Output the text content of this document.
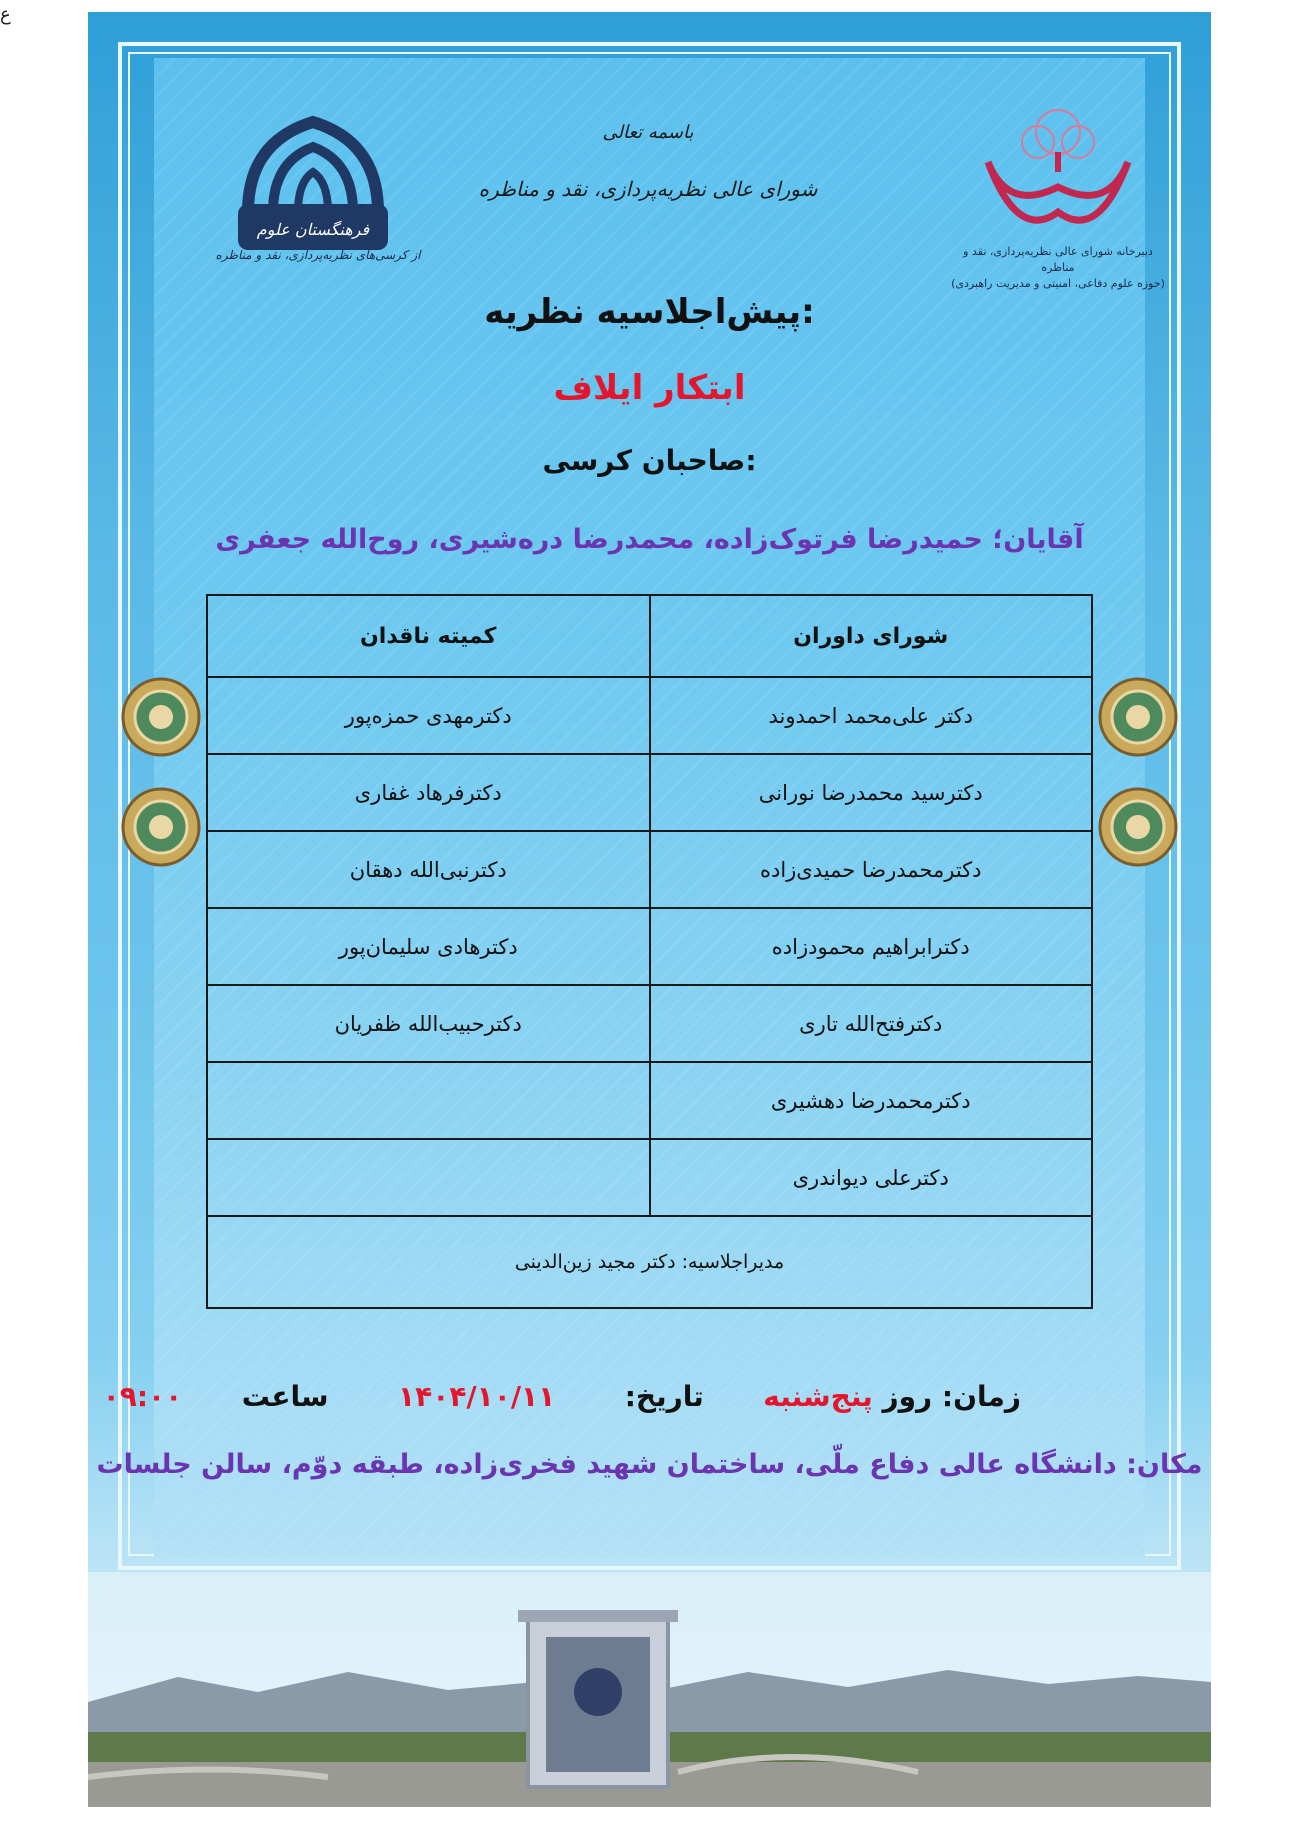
ع
فرهنگستان علوم
از کرسی‌های نظریه‌پردازی، نقد و مناظره	دبیرخانه شورای عالی نظریه‌پردازی، نقد و مناظره
(حوزه علوم دفاعی، امنیتی و مدیریت راهبردی)
باسمه تعالی
شورای عالی نظریه‌پردازی، نقد و مناظره
پیش‌اجلاسیه نظریه:
ابتکار ایلاف
صاحبان کرسی:
آقایان؛ حمیدرضا فرتوک‌زاده، محمدرضا دره‌شیری، روح‌الله جعفری
شورای داوران	کمیته ناقدان
دکتر علی‌محمد احمدوند	دکترمهدی حمزه‌پور
دکترسید محمدرضا نورانی	دکترفرهاد غفاری
دکترمحمدرضا حمیدی‌زاده	دکترنبی‌الله دهقان
دکترابراهیم محمودزاده	دکترهادی سلیمان‌پور
دکترفتح‌الله تاری	دکترحبیب‌الله ظفریان
دکترمحمدرضا دهشیری	
دکترعلی دیواندری	
مدیراجلاسیه: دکتر مجید زین‌الدینی	
زمان: روز پنج‌شنبه  تاریخ:  ۱۴۰۴/۱۰/۱۱  ساعت  ۰۹:۰۰
مکان: دانشگاه عالی دفاع ملّی، ساختمان شهید فخری‌زاده، طبقه دوّم، سالن جلسات
